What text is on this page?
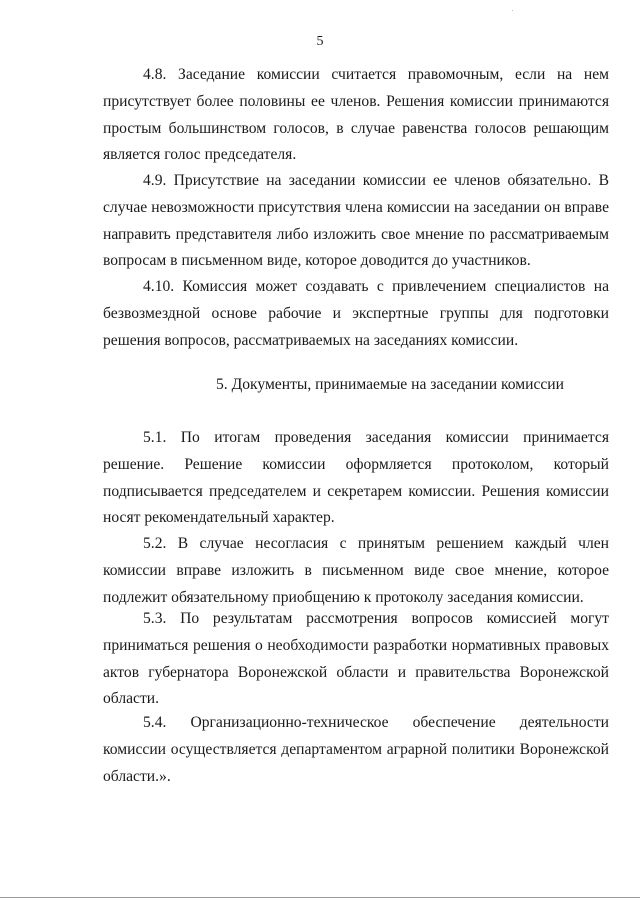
5

4.8. Заседание комиссии считается правомочным, если на нем присутствует более половины ее членов. Решения комиссии принимаются простым большинством голосов, в случае равенства голосов решающим является голос председателя.

4.9. Присутствие на заседании комиссии ее членов обязательно. В случае невозможности присутствия члена комиссии на заседании он вправе направить представителя либо изложить свое мнение по рассматриваемым вопросам в письменном виде, которое доводится до участников.

4.10. Комиссия может создавать с привлечением специалистов на безвозмездной основе рабочие и экспертные группы для подготовки решения вопросов, рассматриваемых на заседаниях комиссии.

5. Документы, принимаемые на заседании комиссии

5.1. По итогам проведения заседания комиссии принимается решение. Решение комиссии оформляется протоколом, который подписывается председателем и секретарем комиссии. Решения комиссии носят рекомендательный характер.

5.2. В случае несогласия с принятым решением каждый член комиссии вправе изложить в письменном виде свое мнение, которое подлежит обязательному приобщению к протоколу заседания комиссии.

5.3. По результатам рассмотрения вопросов комиссией могут приниматься решения о необходимости разработки нормативных правовых актов губернатора Воронежской области и правительства Воронежской области.

5.4. Организационно-техническое обеспечение деятельности комиссии осуществляется департаментом аграрной политики Воронежской области.».
